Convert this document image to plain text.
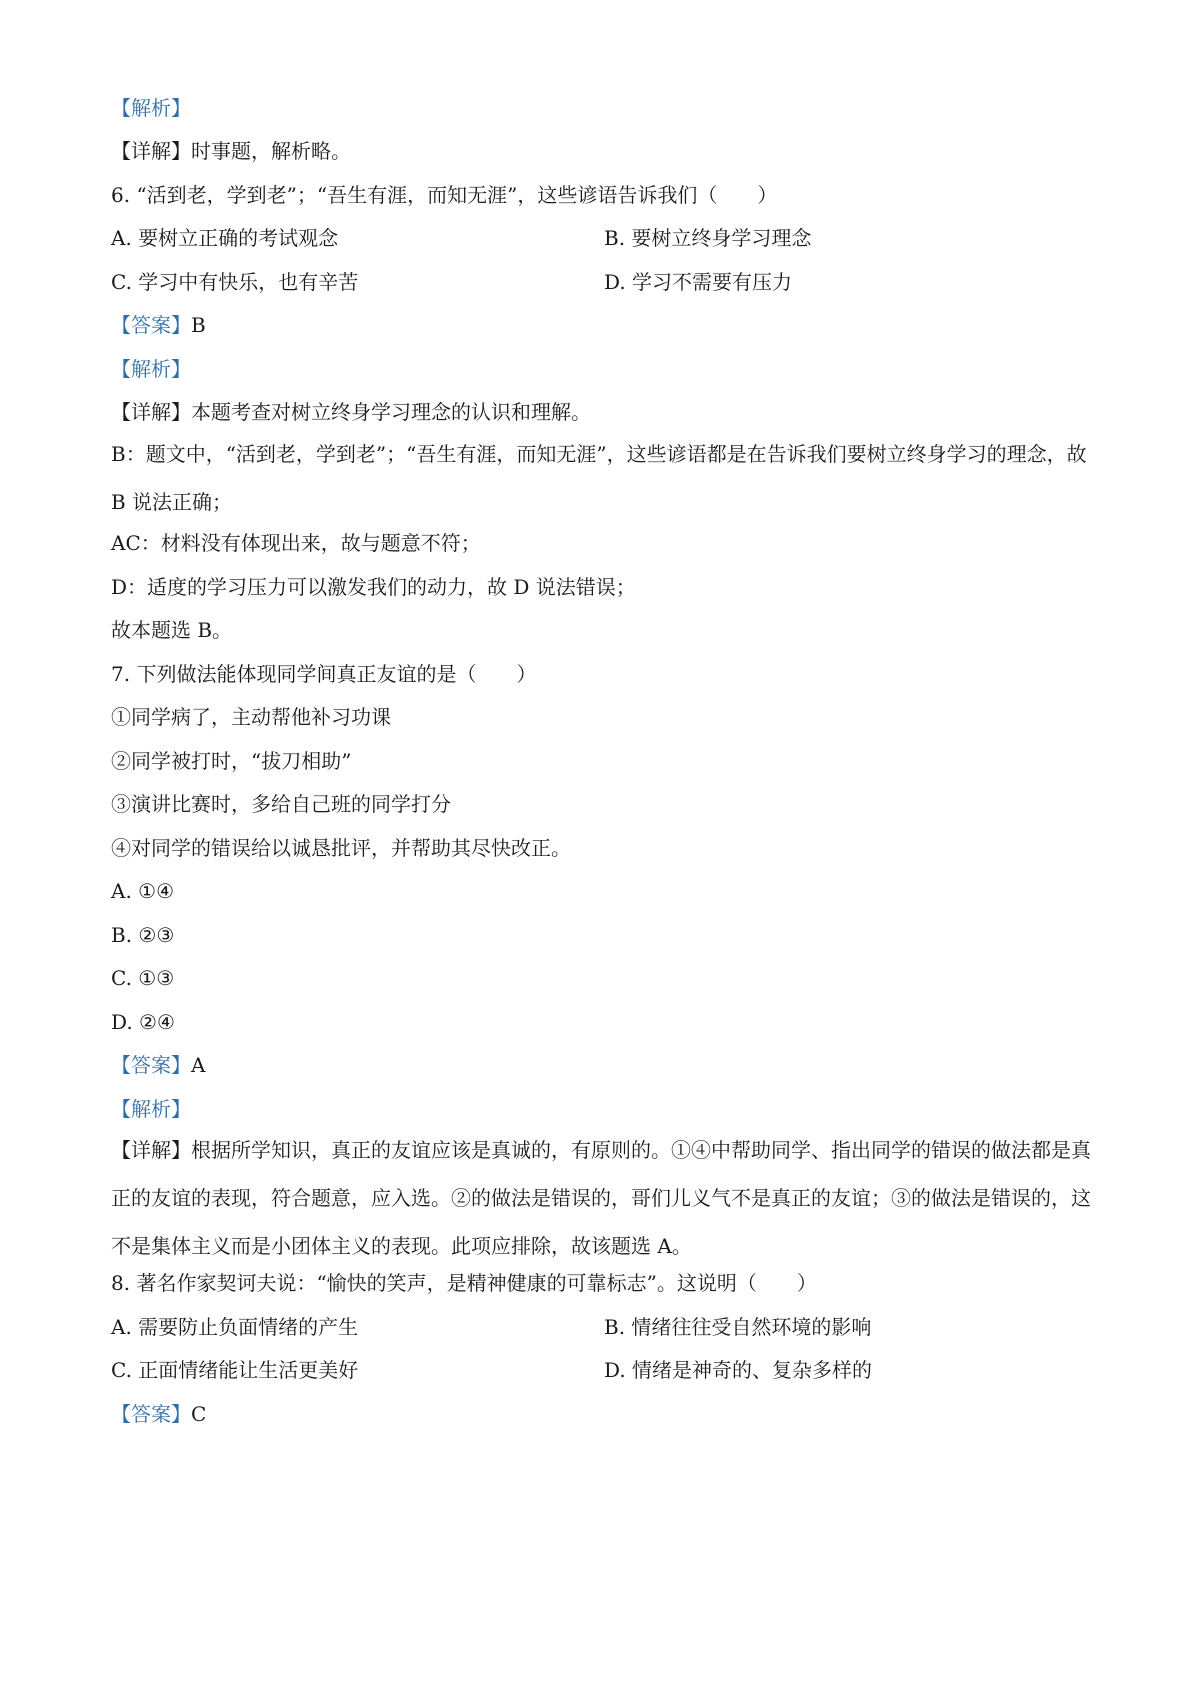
【解析】
【详解】时事题，解析略。
6. “活到老，学到老”；“吾生有涯，而知无涯”，这些谚语告诉我们（　　）
A. 要树立正确的考试观念	B. 要树立终身学习理念
C. 学习中有快乐，也有辛苦	D. 学习不需要有压力
【答案】B
【解析】
【详解】本题考查对树立终身学习理念的认识和理解。
B：题文中，“活到老，学到老”；“吾生有涯，而知无涯”，这些谚语都是在告诉我们要树立终身学习的理念，故 B 说法正确；
AC：材料没有体现出来，故与题意不符；
D：适度的学习压力可以激发我们的动力，故 D 说法错误；
故本题选 B。
7. 下列做法能体现同学间真正友谊的是（　　）
①同学病了，主动帮他补习功课
②同学被打时，“拔刀相助”
③演讲比赛时，多给自己班的同学打分
④对同学的错误给以诚恳批评，并帮助其尽快改正。
A. ①④
B. ②③
C. ①③
D. ②④
【答案】A
【解析】
【详解】根据所学知识，真正的友谊应该是真诚的，有原则的。①④中帮助同学、指出同学的错误的做法都是真正的友谊的表现，符合题意，应入选。②的做法是错误的，哥们儿义气不是真正的友谊；③的做法是错误的，这不是集体主义而是小团体主义的表现。此项应排除，故该题选 A。
8. 著名作家契诃夫说：“愉快的笑声，是精神健康的可靠标志”。这说明（　　）
A. 需要防止负面情绪的产生	B. 情绪往往受自然环境的影响
C. 正面情绪能让生活更美好	D. 情绪是神奇的、复杂多样的
【答案】C
